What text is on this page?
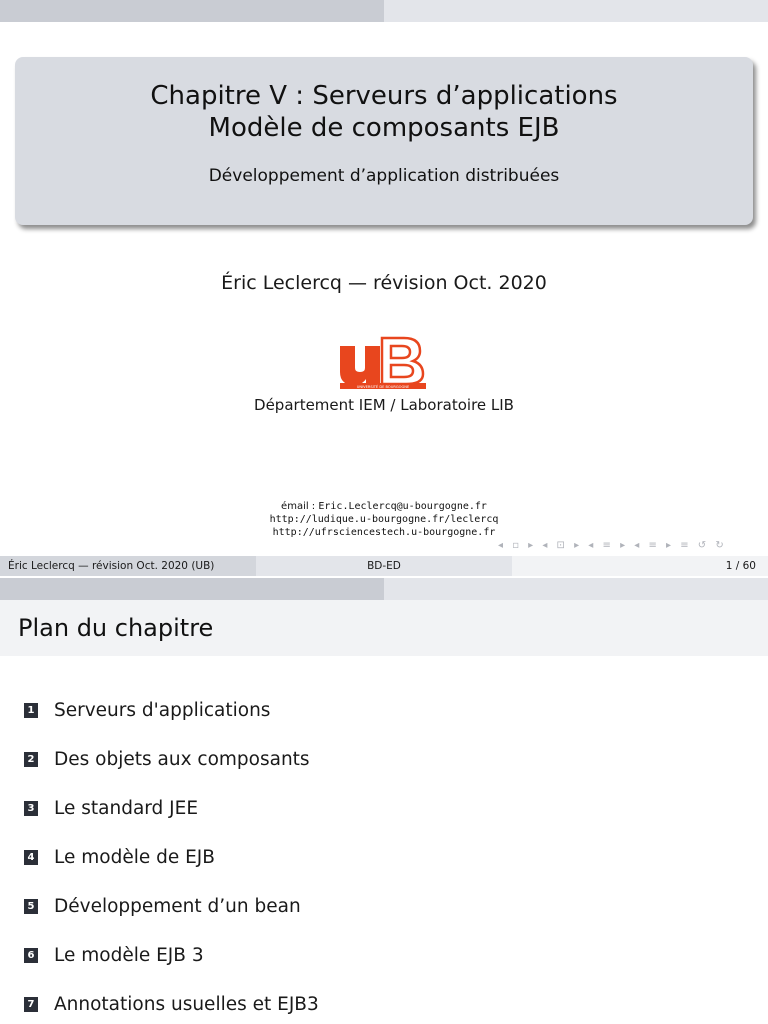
Chapitre V : Serveurs d’applications
Modèle de composants EJB
Développement d’application distribuées
Éric Leclercq — révision Oct. 2020
UNIVERSITÉ DE BOURGOGNE
Département IEM / Laboratoire LIB
émail : Eric.Leclercq@u-bourgogne.fr
http://ludique.u-bourgogne.fr/leclercq
http://ufrsciencestech.u-bourgogne.fr
◂ ▫ ▸ ◂ ⊡ ▸ ◂ ≡ ▸ ◂ ≡ ▸ ≡ ↺ ↻
Éric Leclercq — révision Oct. 2020 (UB)	BD-ED	1 / 60
Plan du chapitre
1 Serveurs d'applications
2 Des objets aux composants
3 Le standard JEE
4 Le modèle de EJB
5 Développement d’un bean
6 Le modèle EJB 3
7 Annotations usuelles et EJB3
